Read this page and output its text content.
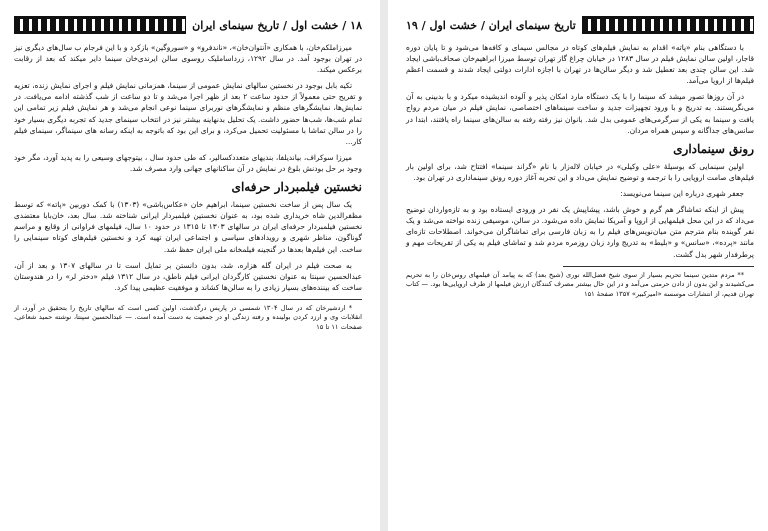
۱۸ / خشت اول / تاریخ سینمای ایران

میرزاملکم‌خان، با همکاری «آنتوان‌خان»، «ناندفرو» و «سوروگین» بازکرد و با این فرجام ب سال‌های دیگری نیز در تهران بوجود آمد. در سال ۱۲۹۲، زرداساملیک روسوی سالن ایرندی‌خان سینما دایر میکند که بعد از رقابت برعکس میکند.

تکیه بابل بوجود در نخستین سالهای نمایش عمومی از سینما، همزمانی نمایش فیلم و اجرای نمایش زنده، تعزیه و تفریح حتی معمولاً از حدود ساعت ۲ بعد از ظهر اجرا می‌شد و تا دو ساعت از شب گذشته ادامه می‌یافت. در نمایش‌ها، نمایشگرهای منظم و نمایشگرهای نوربرای سینما نوعی انجام می‌شد و هر نمایش فیلم زیر تمامی این تمام شب‌ها، شب‌ها حضور داشت. یک تحلیل بدنهاینه بیشتر نیز در انتخاب سینمای جدید که تجربه دیگری بسیار خود را در سالن تماشا با مسئولیت تحمیل می‌کرد، و برای این بود که باتوجه به اینکه رسانه های سینماگر، سینمای فیلم کار...

میرزا سوکراف، بیاندیلفا، بندیهای متعددکسالیر، که طی حدود سال ، بیتوجهای وسیعی را به پدید آورد، مگر خود وجود بر حل بودنش بلوغ در نمایش در آن ساکنانهای جهانی وارد مصرف شد.

نخستین فیلمبردار حرفه‌ای

یک سال پس از ساخت نخستین سینما، ابراهیم خان «عکاس‌باشی» (۱۳۰۳) با کمک دوربین «پاته» که توسط مظفرالدین شاه خریداری شده بود، به عنوان نخستین فیلمبردار ایرانی شناخته شد. سال بعد، خان‌بابا معتضدی نخستین فیلمبردار حرفه‌ای ایران در سالهای ۱۳۰۳ تا ۱۳۱۵ در حدود ۱۰ سال، فیلمهای فراوانی از وقایع و مراسم گوناگون، مناظر شهری و رویدادهای سیاسی و اجتماعی ایران تهیه کرد و نخستین فیلم‌های کوتاه سینمایی را ساخت. این فیلم‌ها بعدها در گنجینه فیلمخانه ملی ایران حفظ شد.

به صحت فیلم در ایران گله هزاره، شد، بدون دانستن بر تمایل است تا در سالهای ۱۳۰۷ و بعد از آن، عبدالحسین سپنتا به عنوان نخستین کارگردان ایرانی فیلم ناطق، در سال ۱۳۱۲ فیلم «دختر لر» را در هندوستان ساخت که بیننده‌های بسیار زیادی را به سالن‌ها کشاند و موفقیت عظیمی پیدا کرد.

* اردشیرخان که در سال ۱۳۰۴ شمسی در پاریس درگذشت، اولین کسی است که سالهای تاریخ را بتحقیق در آورد، از انقلابات وی و ارزد کردن بولینده و رفته زندگی او در جمعیت به دست آمده است. — عبدالحسین سپنتا، نوشته حمید شعاعی، صفحات ۱۱ تا ۱۵

تاریخ سینمای ایران / خشت اول / ۱۹

با دستگاهی بنام «پاته» اقدام به نمایش فیلم‌های کوتاه در مجالس سیمای و کافه‌ها می‌شود و تا پایان دوره قاجار، اولین سالن نمایش فیلم در سال ۱۲۸۳ در خیابان چراغ گاز تهران توسط میرزا ابراهیم‌خان صحاف‌باشی ایجاد شد. این سالن چندی بعد تعطیل شد و دیگر سالن‌ها در تهران با اجازه ادارات دولتی ایجاد شدند و قسمت اعظم فیلم‌ها از اروپا می‌آمد.

در آن روزها تصور میشد که سینما را با یک دستگاه مارد امکان پذیر و آلوده اندیشیده میکرد و با بدبینی به آن می‌نگریستند. به تدریج و با ورود تجهیزات جدید و ساخت سینماهای اختصاصی، نمایش فیلم در میان مردم رواج یافت و سینما به یکی از سرگرمی‌های عمومی بدل شد. بانوان نیز رفته رفته به سالن‌های سینما راه یافتند، ابتدا در سانس‌های جداگانه و سپس همراه مردان.

رونق سینماداری

اولین سینمایی که بوسیلهٔ «علی وکیلی» در خیابان لاله‌زار با نام «گراند سینما» افتتاح شد، برای اولین بار فیلم‌های صامت اروپایی را با ترجمه و توضیح نمایش می‌داد و این تجربه آغاز دوره رونق سینماداری در تهران بود.

جعفر شهری درباره این سینما می‌نویسد:

پیش از اینکه تماشاگر هم گرم و خوش باشد، پیشاپیش یک نفر در ورودی ایستاده بود و به تازه‌واردان توضیح می‌داد که در این محل فیلمهایی از اروپا و آمریکا نمایش داده می‌شود. در سالن، موسیقی زنده نواخته می‌شد و یک نفر گوینده بنام مترجم متن میان‌نویس‌های فیلم را به زبان فارسی برای تماشاگران می‌خواند. اصطلاحات تازه‌ای مانند «پرده»، «سانس» و «بلیط» به تدریج وارد زبان روزمره مردم شد و تماشای فیلم به یکی از تفریحات مهم و پرطرفدار شهر بدل گشت.

** مردم متدین سینما تحریم بسیار از سوی شیخ فضل‌الله نوری (شیخ بعد) که به پیامد آن فیلمهای روس‌خان را به تحریم می‌کشیدند و این بدون از دادن حرمتی می‌آمد و در این حال بیشتر مصرف کنندگان ارزش فیلمها از طرف اروپایی‌ها بود. — کتاب تهران قدیم، از انتشارات موسسه «امیرکبیر» ۱۳۵۷ صفحهٔ ۱۵۱
